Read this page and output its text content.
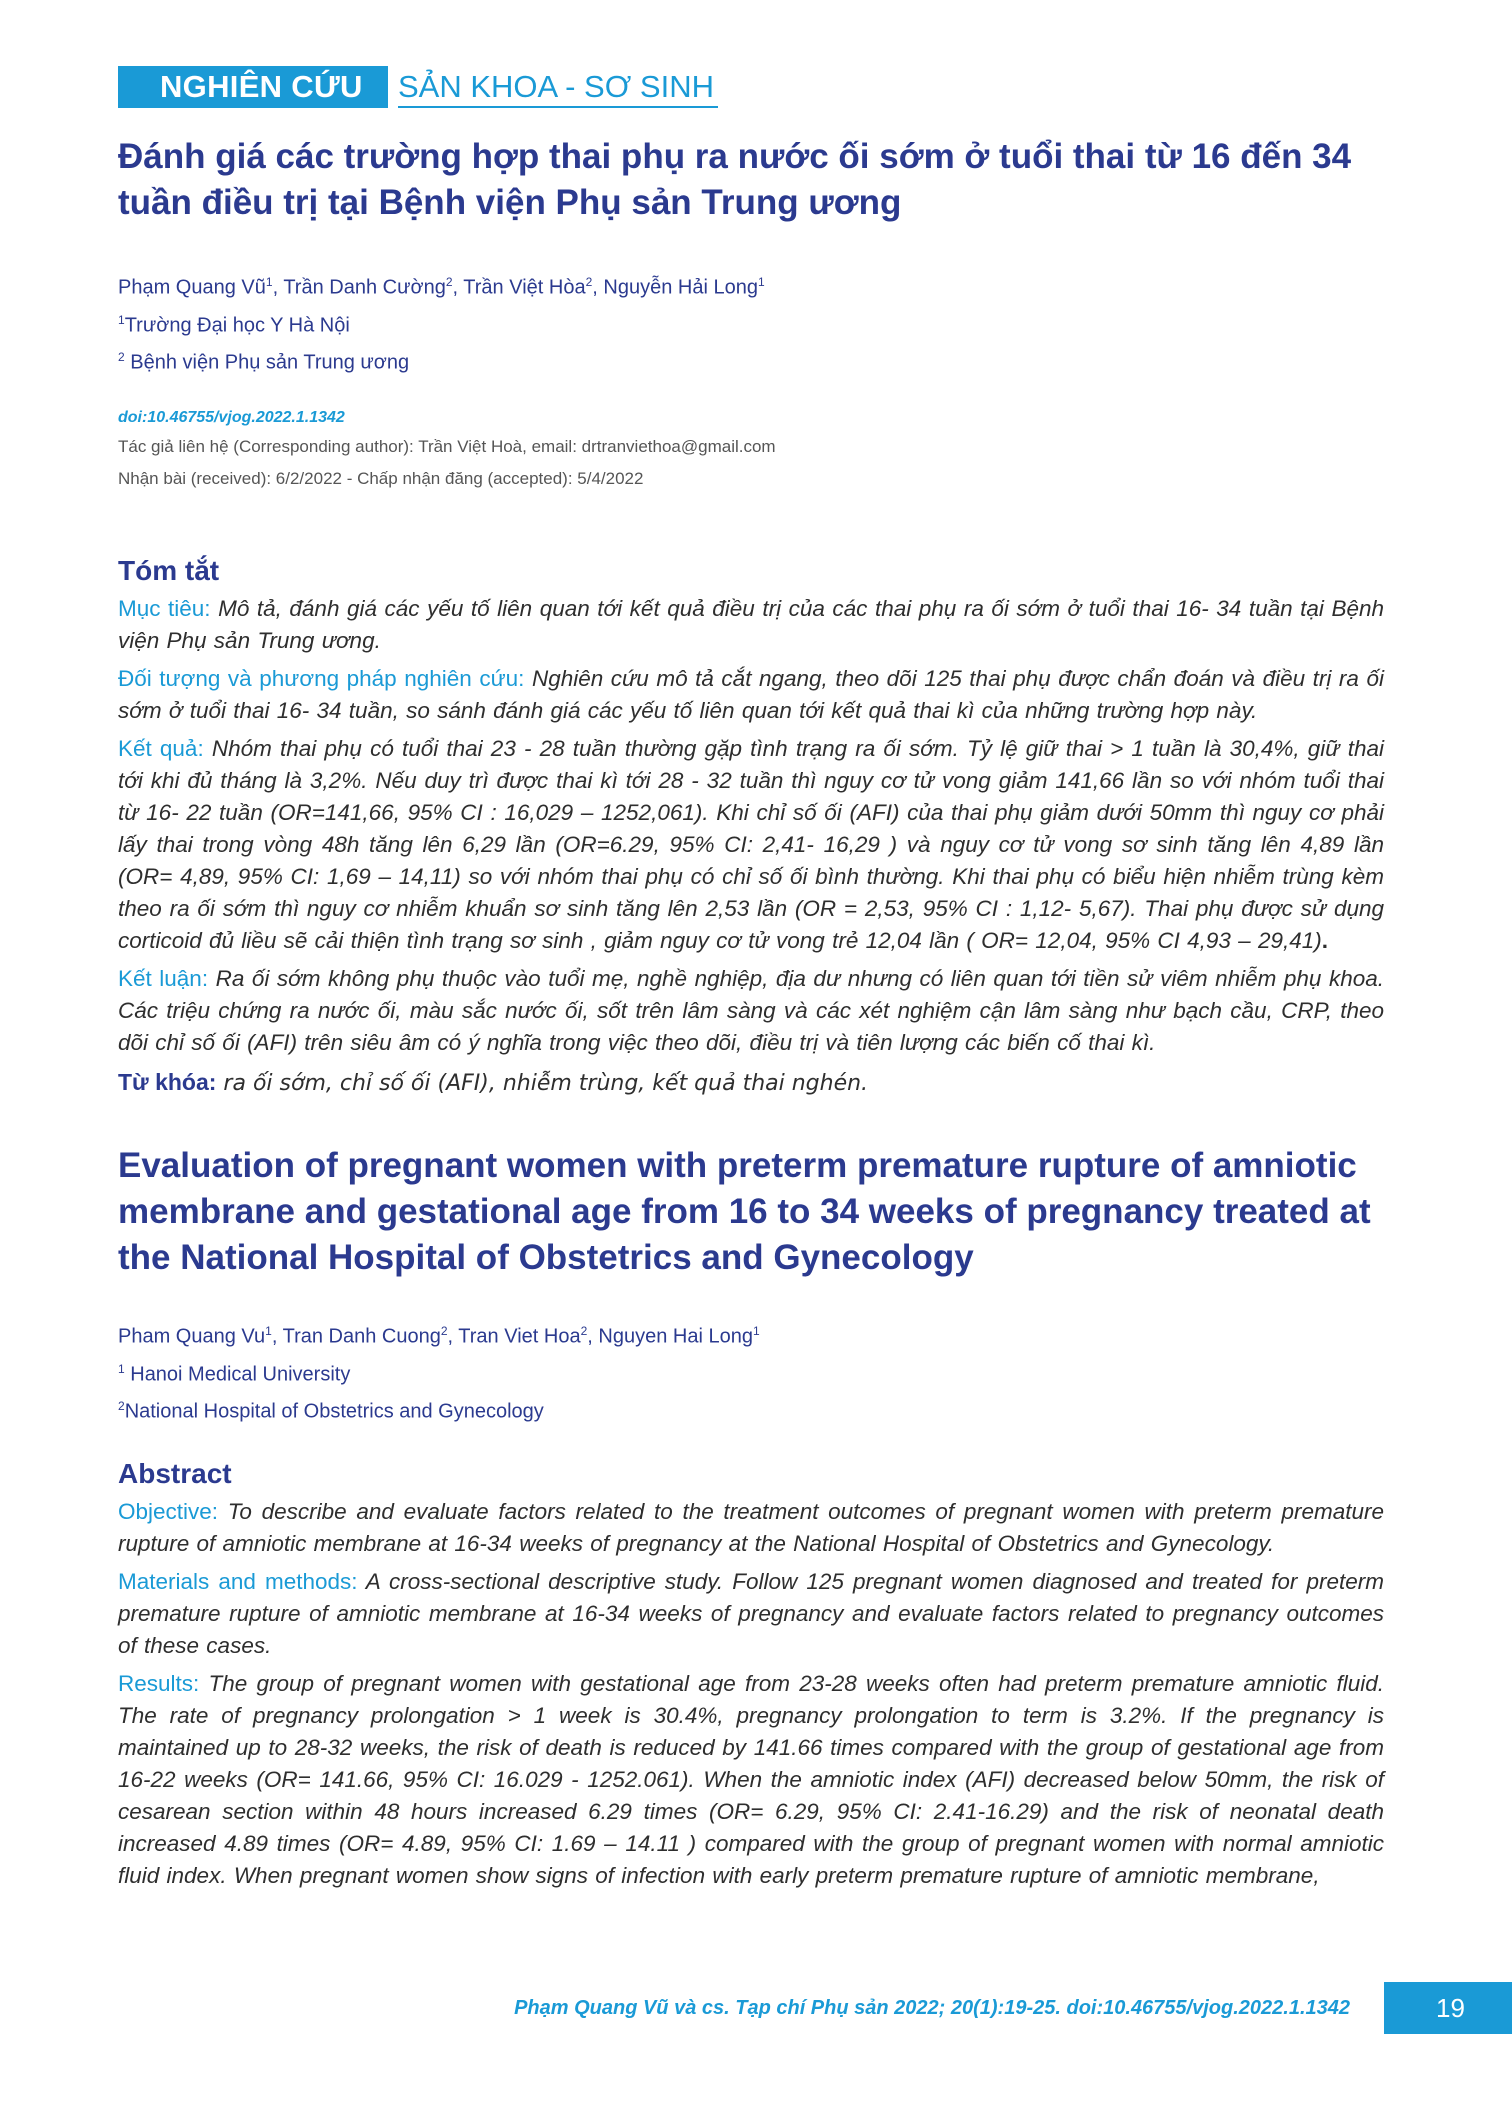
NGHIÊN CỨU	SẢN KHOA - SƠ SINH
Đánh giá các trường hợp thai phụ ra nước ối sớm ở tuổi thai từ 16 đến 34 tuần điều trị tại Bệnh viện Phụ sản Trung ương
Phạm Quang $Vũ^1$, Trần Danh Cường$^2$, Trần Việt Hòa$^2$, Nguyễn Hải Long$^1$
$^1$Trường Đại học Y Hà Nội
$^2$ Bệnh viện Phụ sản Trung ương
doi:10.46755/vjog.2022.1.1342
Tác giả liên hệ (Corresponding author): Trần Việt Hoà, email: drtranviethoa@gmail.com
Nhận bài (received): 6/2/2022 - Chấp nhận đăng (accepted): 5/4/2022
Tóm tắt
Mục tiêu: Mô tả, đánh giá các yếu tố liên quan tới kết quả điều trị của các thai phụ ra ối sớm ở tuổi thai 16- 34 tuần tại Bệnh viện Phụ sản Trung ương.
Đối tượng và phương pháp nghiên cứu: Nghiên cứu mô tả cắt ngang, theo dõi 125 thai phụ được chẩn đoán và điều trị ra ối sớm ở tuổi thai 16- 34 tuần, so sánh đánh giá các yếu tố liên quan tới kết quả thai kì của những trường hợp này.
Kết quả: Nhóm thai phụ có tuổi thai 23 - 28 tuần thường gặp tình trạng ra ối sớm. Tỷ lệ giữ thai > 1 tuần là 30,4%, giữ thai tới khi đủ tháng là 3,2%. Nếu duy trì được thai kì tới 28 - 32 tuần thì nguy cơ tử vong giảm 141,66 lần so với nhóm tuổi thai từ 16- 22 tuần (OR=141,66, 95% CI : 16,029 – 1252,061). Khi chỉ số ối (AFI) của thai phụ giảm dưới 50mm thì nguy cơ phải lấy thai trong vòng 48h tăng lên 6,29 lần (OR=6.29, 95% CI: 2,41- 16,29 ) và nguy cơ tử vong sơ sinh tăng lên 4,89 lần (OR= 4,89, 95% CI: 1,69 – 14,11) so với nhóm thai phụ có chỉ số ối bình thường. Khi thai phụ có biểu hiện nhiễm trùng kèm theo ra ối sớm thì nguy cơ nhiễm khuẩn sơ sinh tăng lên 2,53 lần (OR = 2,53, 95% CI : 1,12- 5,67). Thai phụ được sử dụng corticoid đủ liều sẽ cải thiện tình trạng sơ sinh , giảm nguy cơ tử vong trẻ 12,04 lần ( OR= 12,04, 95% CI 4,93 – 29,41).
Kết luận: Ra ối sớm không phụ thuộc vào tuổi mẹ, nghề nghiệp, địa dư nhưng có liên quan tới tiền sử viêm nhiễm phụ khoa. Các triệu chứng ra nước ối, màu sắc nước ối, sốt trên lâm sàng và các xét nghiệm cận lâm sàng như bạch cầu, CRP, theo dõi chỉ số ối (AFI) trên siêu âm có ý nghĩa trong việc theo dõi, điều trị và tiên lượng các biến cố thai kì.
Từ khóa: ra ối sớm, chỉ số ối (AFI), nhiễm trùng, kết quả thai nghén.
Evaluation of pregnant women with preterm premature rupture of amniotic membrane and gestational age from 16 to 34 weeks of pregnancy treated at the National Hospital of Obstetrics and Gynecology
Pham Quang Vu$^1$, Tran Danh Cuong$^2$, Tran Viet Hoa$^2$, Nguyen Hai Long$^1$
$^1$ Hanoi Medical University
$^2$National Hospital of Obstetrics and Gynecology
Abstract
Objective: To describe and evaluate factors related to the treatment outcomes of pregnant women with preterm premature rupture of amniotic membrane at 16-34 weeks of pregnancy at the National Hospital of Obstetrics and Gynecology.
Materials and methods: A cross-sectional descriptive study. Follow 125 pregnant women diagnosed and treated for preterm premature rupture of amniotic membrane at 16-34 weeks of pregnancy and evaluate factors related to pregnancy outcomes of these cases.
Results: The group of pregnant women with gestational age from 23-28 weeks often had preterm premature amniotic fluid. The rate of pregnancy prolongation > 1 week is 30.4%, pregnancy prolongation to term is 3.2%. If the pregnancy is maintained up to 28-32 weeks, the risk of death is reduced by 141.66 times compared with the group of gestational age from 16-22 weeks (OR= 141.66, 95% CI: 16.029 - 1252.061). When the amniotic index (AFI) decreased below 50mm, the risk of cesarean section within 48 hours increased 6.29 times (OR= 6.29, 95% CI: 2.41-16.29) and the risk of neonatal death increased 4.89 times (OR= 4.89, 95% CI: 1.69 – 14.11 ) compared with the group of pregnant women with normal amniotic fluid index. When pregnant women show signs of infection with early preterm premature rupture of amniotic membrane,
Phạm Quang Vũ và cs. Tạp chí Phụ sản 2022; 20(1):19-25. doi:10.46755/vjog.2022.1.1342	19
